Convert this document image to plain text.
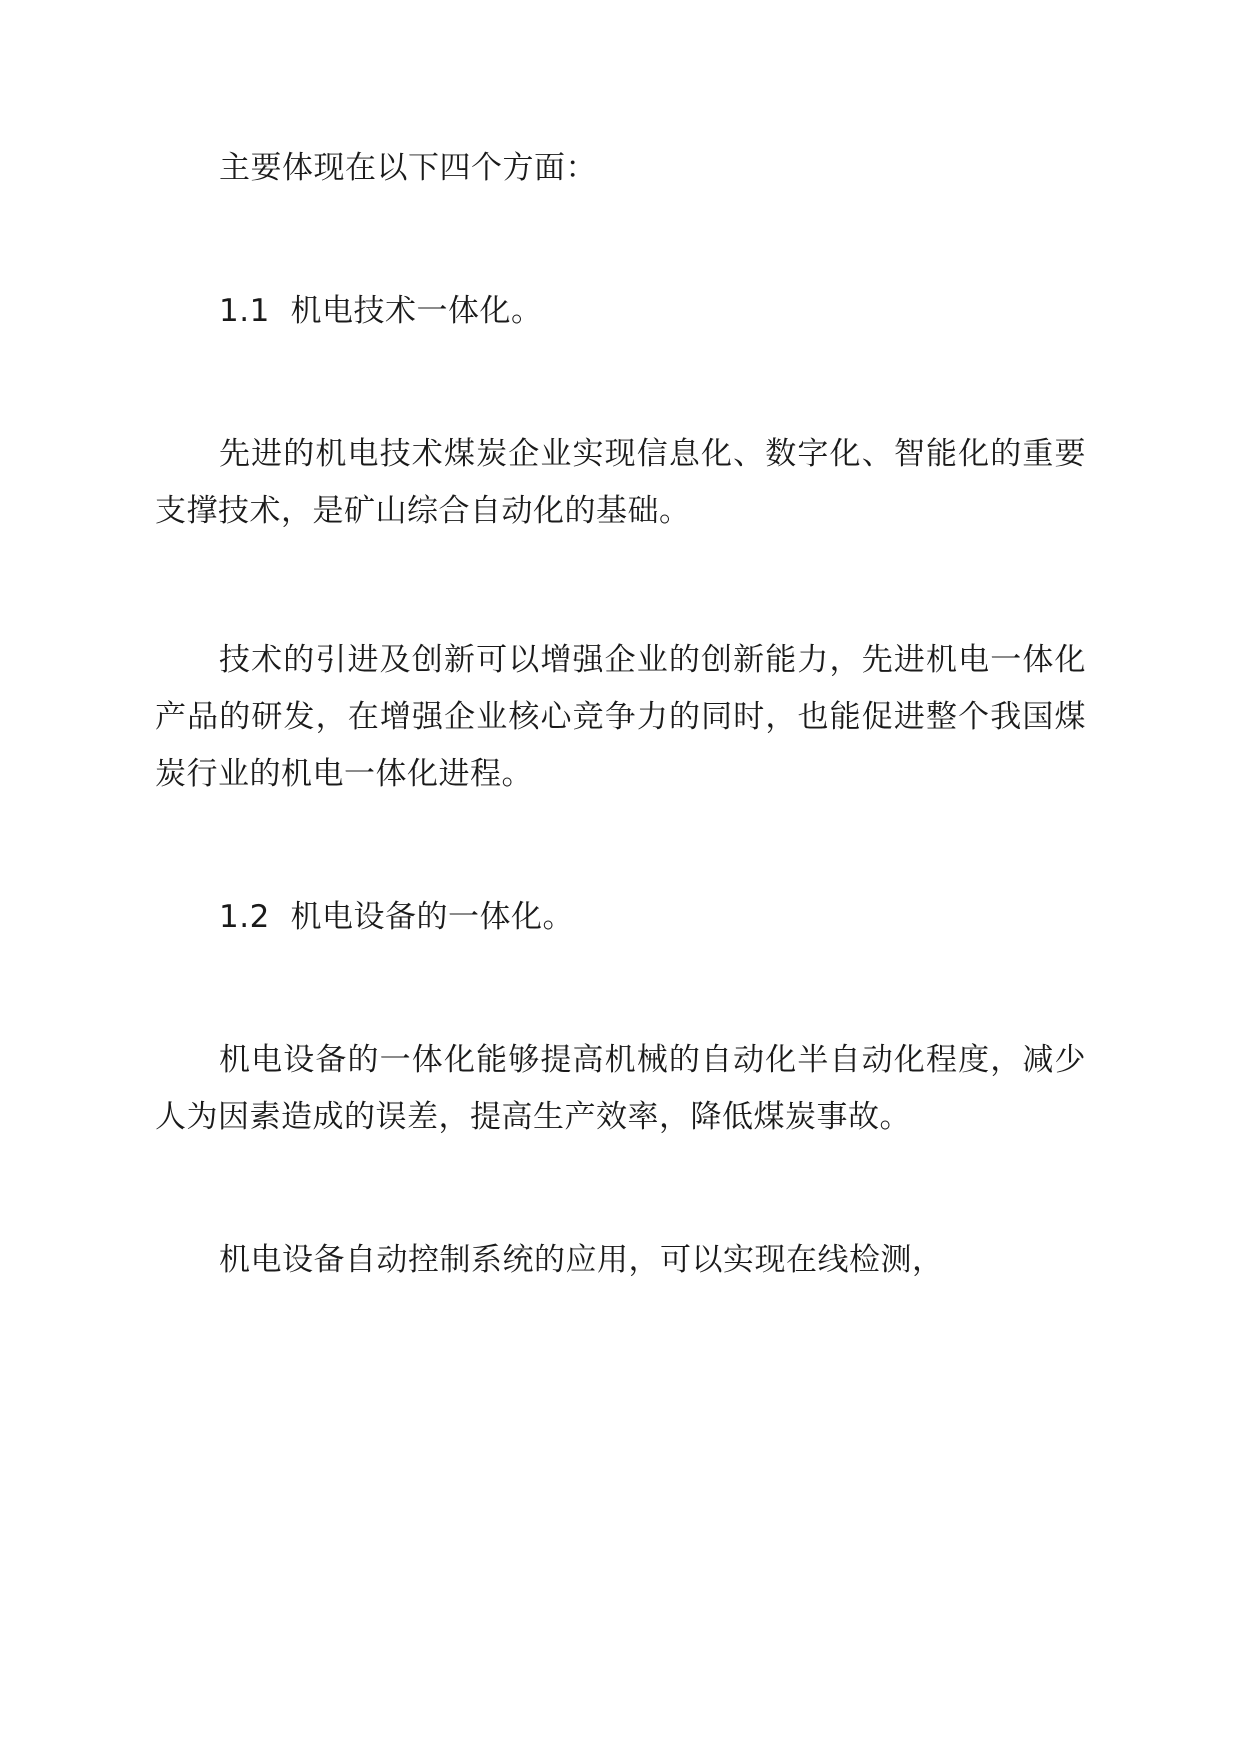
主要体现在以下四个方面：

1.1  机电技术一体化。

先进的机电技术煤炭企业实现信息化、数字化、智能化的重要支撑技术，是矿山综合自动化的基础。

技术的引进及创新可以增强企业的创新能力，先进机电一体化产品的研发，在增强企业核心竞争力的同时，也能促进整个我国煤炭行业的机电一体化进程。

1.2  机电设备的一体化。

机电设备的一体化能够提高机械的自动化半自动化程度，减少人为因素造成的误差，提高生产效率，降低煤炭事故。

机电设备自动控制系统的应用，可以实现在线检测，
